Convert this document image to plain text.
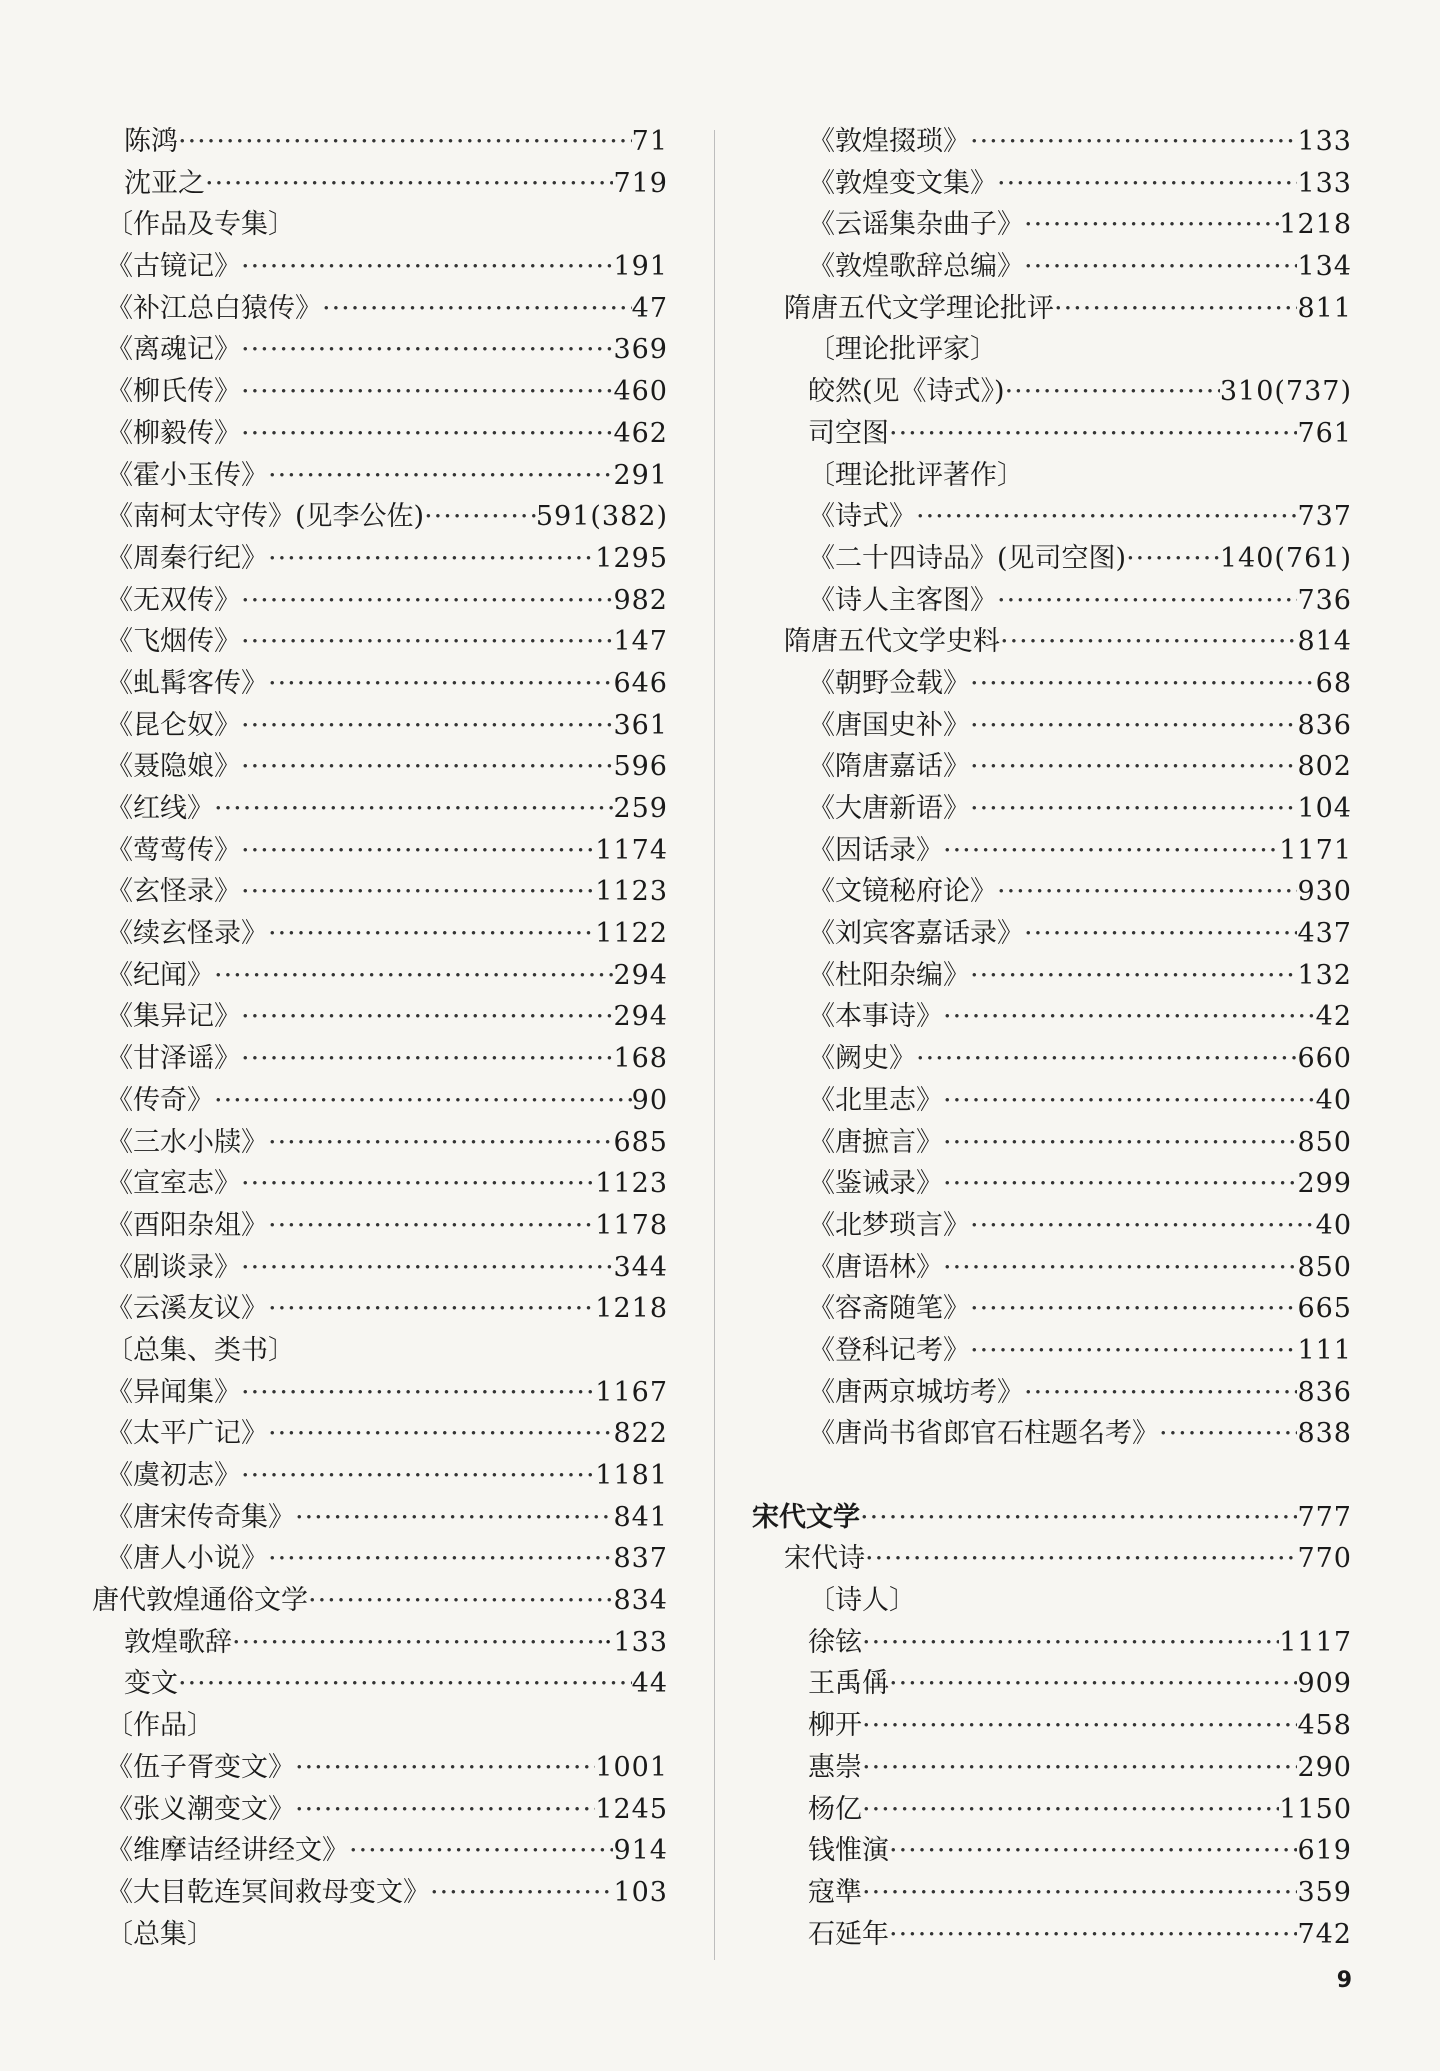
陈鸿 ·····	71
沈亚之 ·····	719
〔作品及专集〕
《古镜记》 ·····	191
《补江总白猿传》 ·····	47
《离魂记》 ·····	369
《柳氏传》 ·····	460
《柳毅传》 ·····	462
《霍小玉传》 ·····	291
《南柯太守传》(见李公佐) ·····	591(382)
《周秦行纪》 ·····	1295
《无双传》 ·····	982
《飞烟传》 ·····	147
《虬髯客传》 ·····	646
《昆仑奴》 ·····	361
《聂隐娘》 ·····	596
《红线》 ·····	259
《莺莺传》 ·····	1174
《玄怪录》 ·····	1123
《续玄怪录》 ·····	1122
《纪闻》 ·····	294
《集异记》 ·····	294
《甘泽谣》 ·····	168
《传奇》 ·····	90
《三水小牍》 ·····	685
《宣室志》 ·····	1123
《酉阳杂俎》 ·····	1178
《剧谈录》 ·····	344
《云溪友议》 ·····	1218
〔总集、类书〕
《异闻集》 ·····	1167
《太平广记》 ·····	822
《虞初志》 ·····	1181
《唐宋传奇集》 ·····	841
《唐人小说》 ·····	837
唐代敦煌通俗文学 ·····	834
敦煌歌辞 ·····	·133
变文 ·····	44
〔作品〕
《伍子胥变文》 ·····	1001
《张义潮变文》 ·····	1245
《维摩诘经讲经文》 ·····	914
《大目乾连冥间救母变文》 ·····	103
〔总集〕
《敦煌掇琐》 ·····	133
《敦煌变文集》 ·····	133
《云谣集杂曲子》 ·····	1218
《敦煌歌辞总编》 ·····	134
隋唐五代文学理论批评 ·····	811
〔理论批评家〕
皎然(见《诗式》) ·····	310(737)
司空图 ·····	761
〔理论批评著作〕
《诗式》 ·····	737
《二十四诗品》(见司空图) ·····	140(761)
《诗人主客图》 ·····	736
隋唐五代文学史料 ·····	814
《朝野佥载》 ·····	68
《唐国史补》 ·····	836
《隋唐嘉话》 ·····	802
《大唐新语》 ·····	104
《因话录》 ·····	1171
《文镜秘府论》 ·····	930
《刘宾客嘉话录》 ·····	437
《杜阳杂编》 ·····	132
《本事诗》 ·····	42
《阙史》 ·····	660
《北里志》 ·····	40
《唐摭言》 ·····	850
《鉴诫录》 ·····	299
《北梦琐言》 ·····	40
《唐语林》 ·····	850
《容斋随笔》 ·····	665
《登科记考》 ·····	111
《唐两京城坊考》 ·····	836
《唐尚书省郎官石柱题名考》 ·····	838
宋代文学 ·····	777
宋代诗 ·····	770
〔诗人〕
徐铉 ·····	1117
王禹偁 ·····	909
柳开 ·····	458
惠崇 ·····	290
杨亿 ·····	1150
钱惟演 ·····	619
寇準 ·····	359
石延年 ·····	742
9
